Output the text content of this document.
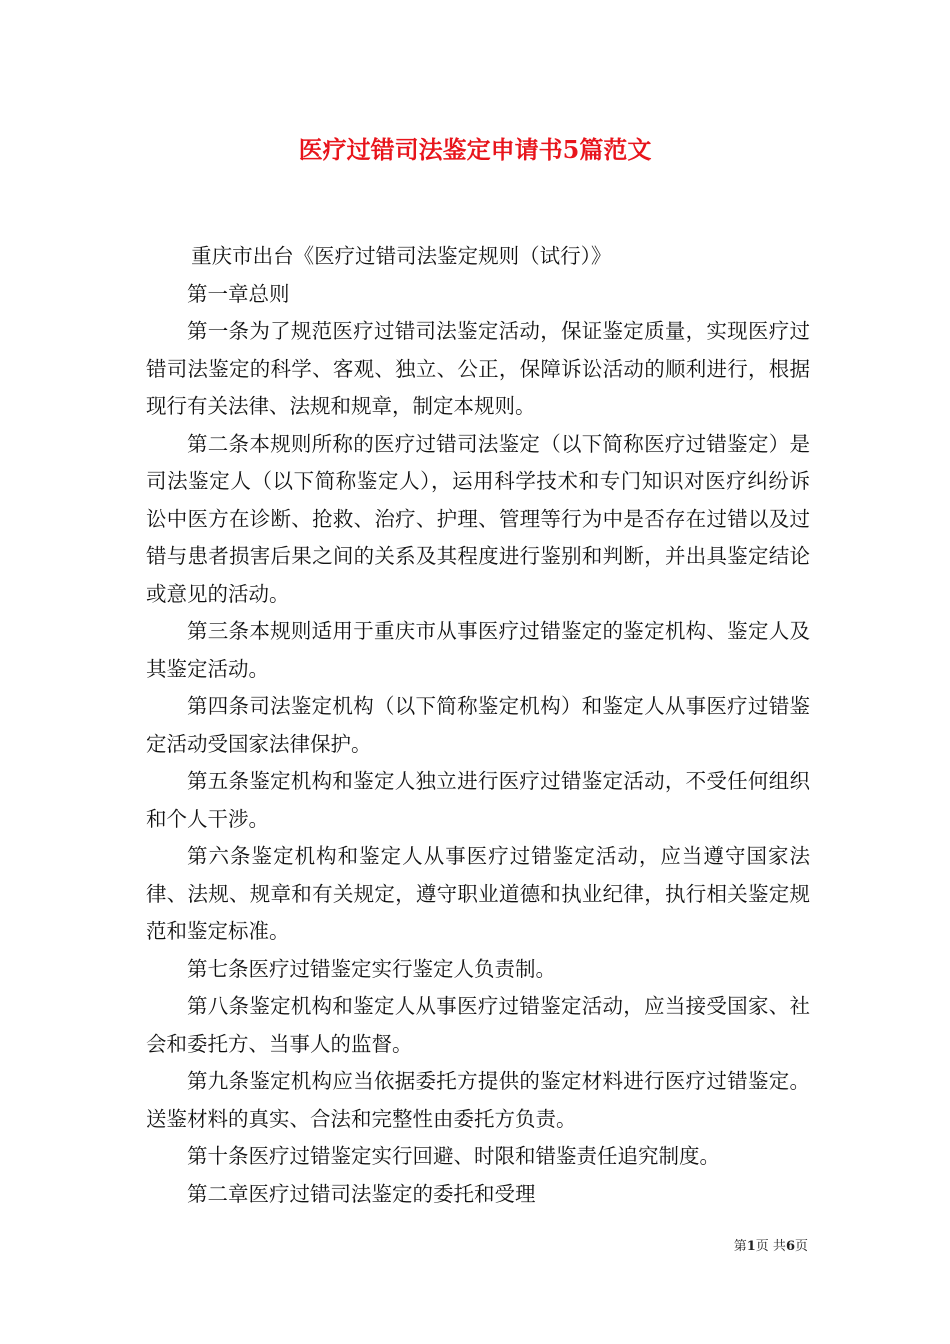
医疗过错司法鉴定申请书5篇范文

重庆市出台《医疗过错司法鉴定规则（试行）》

第一章总则

第一条为了规范医疗过错司法鉴定活动，保证鉴定质量，实现医疗过错司法鉴定的科学、客观、独立、公正，保障诉讼活动的顺利进行，根据现行有关法律、法规和规章，制定本规则。

第二条本规则所称的医疗过错司法鉴定（以下简称医疗过错鉴定）是司法鉴定人（以下简称鉴定人），运用科学技术和专门知识对医疗纠纷诉讼中医方在诊断、抢救、治疗、护理、管理等行为中是否存在过错以及过错与患者损害后果之间的关系及其程度进行鉴别和判断，并出具鉴定结论或意见的活动。

第三条本规则适用于重庆市从事医疗过错鉴定的鉴定机构、鉴定人及其鉴定活动。

第四条司法鉴定机构（以下简称鉴定机构）和鉴定人从事医疗过错鉴定活动受国家法律保护。

第五条鉴定机构和鉴定人独立进行医疗过错鉴定活动，不受任何组织和个人干涉。

第六条鉴定机构和鉴定人从事医疗过错鉴定活动，应当遵守国家法律、法规、规章和有关规定，遵守职业道德和执业纪律，执行相关鉴定规范和鉴定标准。

第七条医疗过错鉴定实行鉴定人负责制。

第八条鉴定机构和鉴定人从事医疗过错鉴定活动，应当接受国家、社会和委托方、当事人的监督。

第九条鉴定机构应当依据委托方提供的鉴定材料进行医疗过错鉴定。送鉴材料的真实、合法和完整性由委托方负责。

第十条医疗过错鉴定实行回避、时限和错鉴责任追究制度。

第二章医疗过错司法鉴定的委托和受理

第1页 共6页
